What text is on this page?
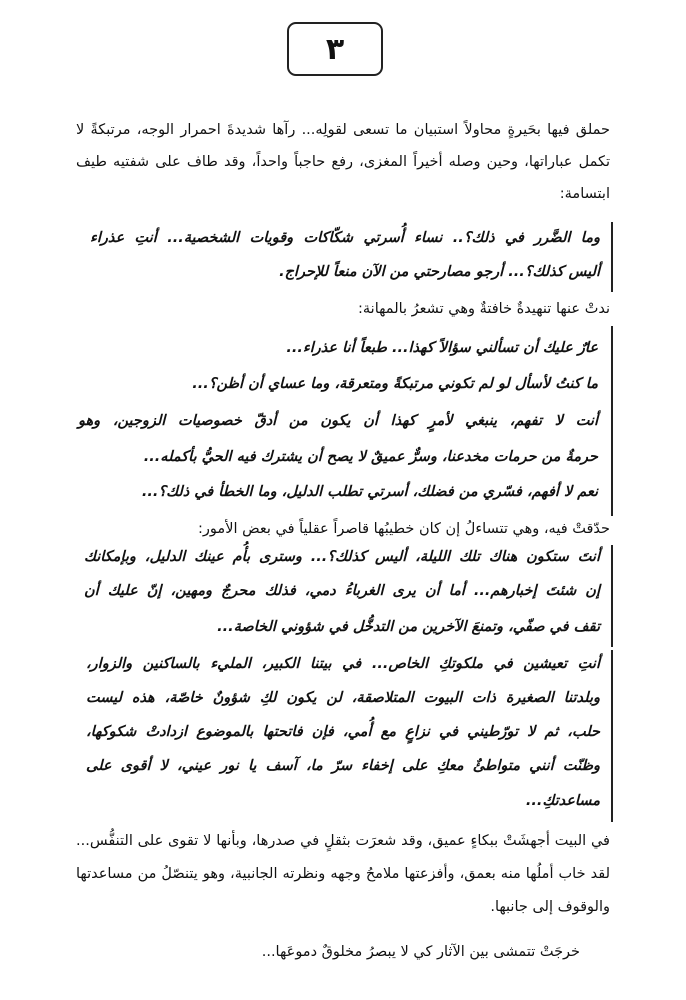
٣
حملق فيها بحَيرةٍ محاولاً استبيان ما تسعى لقولِه... رآها شديدةَ احمرار الوجه، مرتبكةً لا
تكمل عباراتها، وحين وصله أخيراً المغزى، رفع حاجباً واحداً، وقد طاف على شفتيه طيف
ابتسامة:
وما الضَّرر في ذلك؟.. نساء أُسرتي شكّاكات وقويات الشخصية... أنتِ عذراء
أليس كذلك؟... أرجو مصارحتي من الآن منعاً للإحراج.
ندتْ عنها تنهيدةٌ خافتةٌ وهي تشعرُ بالمهانة:
عارٌ عليك أن تسألني سؤالاً كهذا... طبعاً أنا عذراء...
ما كنتُ لأسأل لو لم تكوني مرتبكةً ومتعرقة، وما عساي أن أظن؟...
أنت لا تفهم، ينبغي لأمرٍ كهذا أن يكون من أدقّ خصوصيات الزوجين، وهو
حرمةٌ من حرمات مخدعنا، وسرٌّ عميقٌ لا يصح أن يشترك فيه الحيُّ بأكمله...
نعم لا أفهم، فسّري من فضلك، أسرتي تطلب الدليل، وما الخطأ في ذلك؟...
حدّقتْ فيه، وهي تتساءلُ إن كان خطيبُها قاصراً عقلياً في بعض الأمور:
أنتَ ستكون هناك تلك الليلة، أليس كذلك؟... وسترى بأُم عينك الدليل، وبإمكانك
إن شئتَ إخبارهم... أما أن يرى الغرباءُ دمي، فذلك محرجٌ ومهين، إنّ عليك أن
تقف في صفّي، وتمنعَ الآخرين من التدخُّل في شؤوني الخاصة...
أنتِ تعيشين في ملكوتكِ الخاص... في بيتنا الكبير، المليء بالساكنين والزوار،
وبلدتنا الصغيرة ذات البيوت المتلاصقة، لن يكون لكِ شؤونٌ خاصّة، هذه ليست
حلب، ثم لا تورّطيني في نزاعٍ مع أُمي، فإن فاتحتها بالموضوع ازدادتْ شكوكها،
وظنّت أنني متواطئٌ معكِ على إخفاء سرّ ما، آسف يا نور عيني، لا أقوى على
مساعدتكِ...
في البيت أجهشَتْ ببكاءٍ عميق، وقد شعرَت بثقلٍ في صدرها، وبأنها لا تقوى على التنفُّس...
لقد خاب أملُها منه بعمق، وأفزعتها ملامحُ وجهه ونظرته الجانبية، وهو يتنصّلُ من مساعدتها
والوقوف إلى جانبها.
خرجَتْ تتمشى بين الآثار كي لا يبصرُ مخلوقٌ دموعَها...
